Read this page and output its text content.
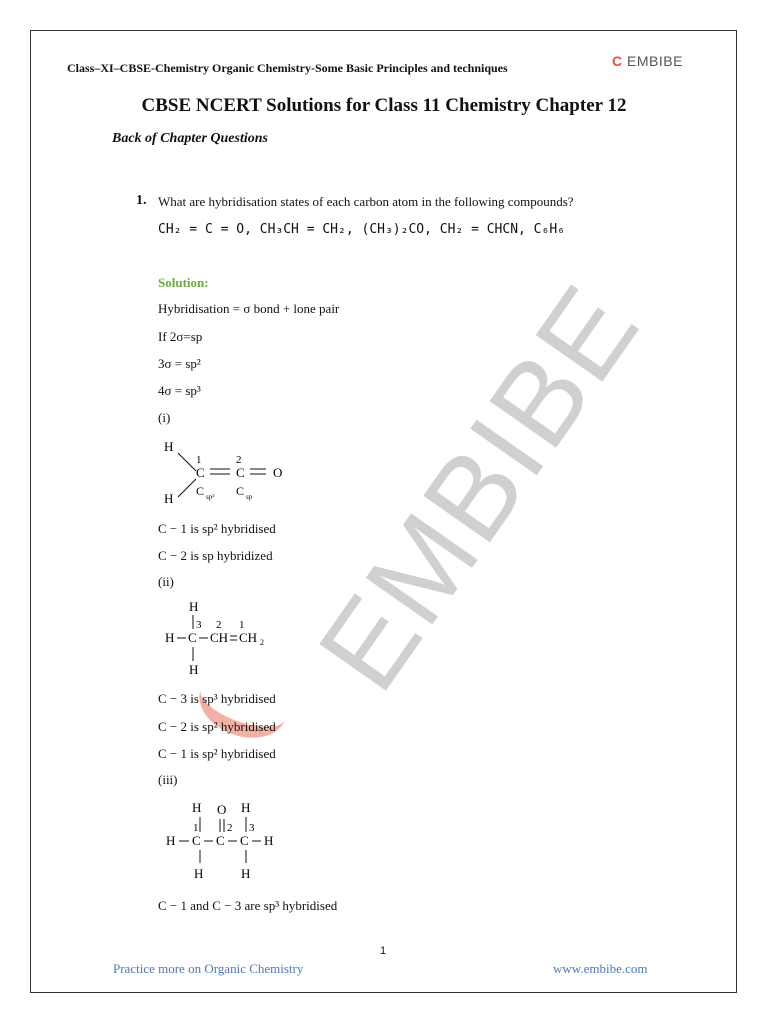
EMBIBE
Class–XI–CBSE-Chemistry Organic Chemistry-Some Basic Principles and techniques	C EMBIBE
CBSE NCERT Solutions for Class 11 Chemistry Chapter 12
Back of Chapter Questions
1. What are hybridisation states of each carbon atom in the following compounds?
CH₂ = C = O, CH₃CH = CH₂, (CH₃)₂CO, CH₂ = CHCN, C₆H₆
Solution:
Hybridisation = σ bond + lone pair
If 2σ=sp
3σ = sp²
4σ = sp³
(i)
H
H
1
C
2
C O
C sp² C sp
C − 1 is sp² hybridised
C − 2 is sp hybridized
(ii)
H
3 2 1
H C CH CH 2
H
C − 3 is sp³ hybridised
C − 2 is sp² hybridised
C − 1 is sp² hybridised
(iii)
H O H
1	2 3
H C C C H
H	H
C − 1 and C − 3 are sp³ hybridised
1
Practice more on Organic Chemistry	www.embibe.com
